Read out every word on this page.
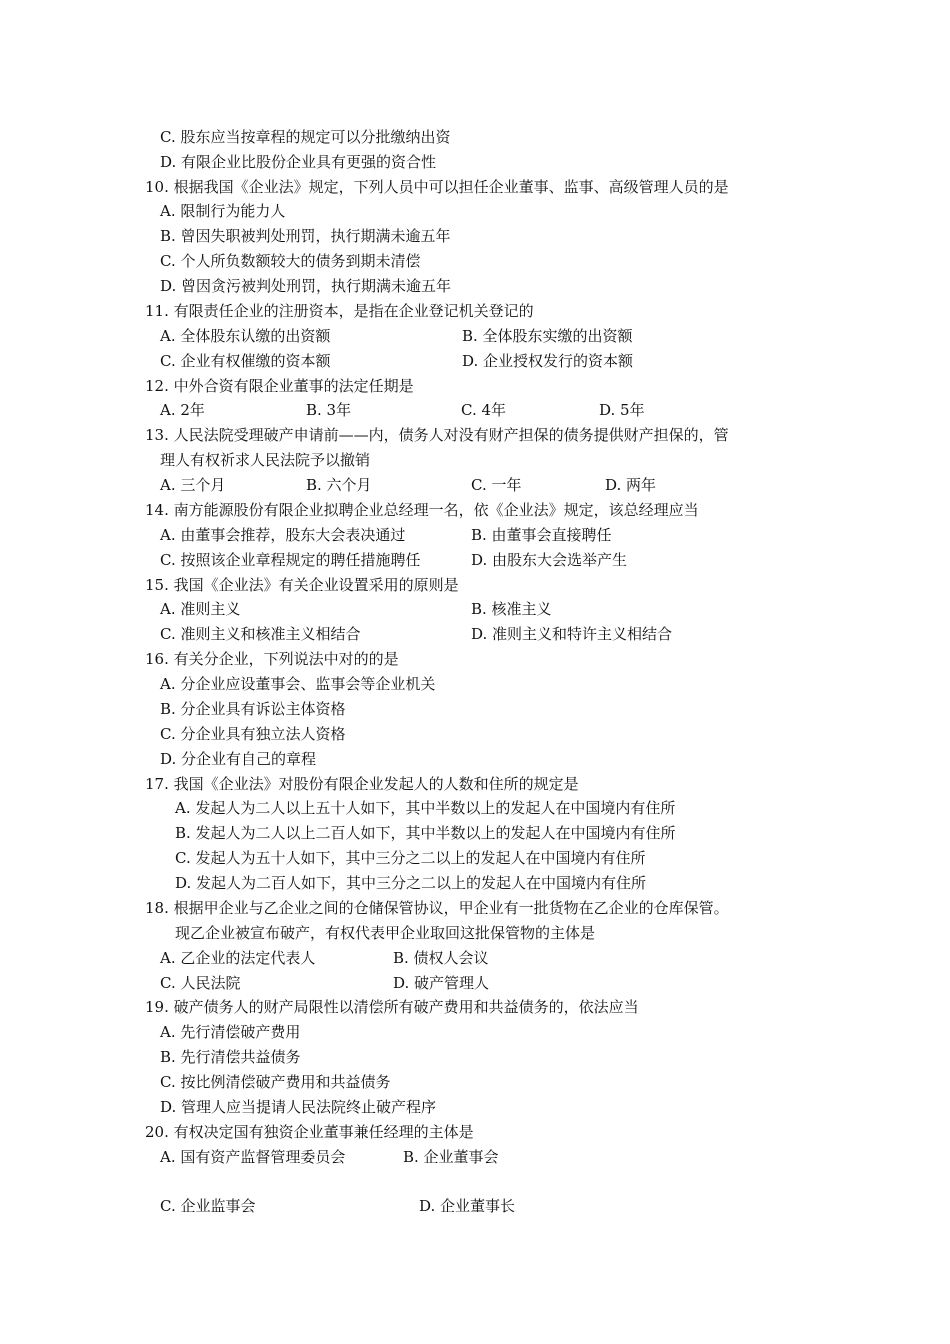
C. 股东应当按章程的规定可以分批缴纳出资
D. 有限企业比股份企业具有更强的资合性
10. 根据我国《企业法》规定，下列人员中可以担任企业董事、监事、高级管理人员的是
A. 限制行为能力人
B. 曾因失职被判处刑罚，执行期满未逾五年
C. 个人所负数额较大的债务到期未清偿
D. 曾因贪污被判处刑罚，执行期满未逾五年
11. 有限责任企业的注册资本，是指在企业登记机关登记的
A. 全体股东认缴的出资额	B. 全体股东实缴的出资额
C. 企业有权催缴的资本额	D. 企业授权发行的资本额
12. 中外合资有限企业董事的法定任期是
A. 2年	B. 3年	C. 4年	D. 5年
13. 人民法院受理破产申请前——内，债务人对没有财产担保的债务提供财产担保的，管
理人有权祈求人民法院予以撤销
A. 三个月	B. 六个月	C. 一年	D. 两年
14. 南方能源股份有限企业拟聘企业总经理一名，依《企业法》规定，该总经理应当
A. 由董事会推荐，股东大会表决通过	B. 由董事会直接聘任
C. 按照该企业章程规定的聘任措施聘任	D. 由股东大会选举产生
15. 我国《企业法》有关企业设置采用的原则是
A. 准则主义	B. 核准主义
C. 准则主义和核准主义相结合	D. 准则主义和特许主义相结合
16. 有关分企业，下列说法中对的的是
A. 分企业应设董事会、监事会等企业机关
B. 分企业具有诉讼主体资格
C. 分企业具有独立法人资格
D. 分企业有自己的章程
17. 我国《企业法》对股份有限企业发起人的人数和住所的规定是
A. 发起人为二人以上五十人如下，其中半数以上的发起人在中国境内有住所
B. 发起人为二人以上二百人如下，其中半数以上的发起人在中国境内有住所
C. 发起人为五十人如下，其中三分之二以上的发起人在中国境内有住所
D. 发起人为二百人如下，其中三分之二以上的发起人在中国境内有住所
18. 根据甲企业与乙企业之间的仓储保管协议，甲企业有一批货物在乙企业的仓库保管。
现乙企业被宣布破产，有权代表甲企业取回这批保管物的主体是
A. 乙企业的法定代表人	B. 债权人会议
C. 人民法院	D. 破产管理人
19. 破产债务人的财产局限性以清偿所有破产费用和共益债务的，依法应当
A. 先行清偿破产费用
B. 先行清偿共益债务
C. 按比例清偿破产费用和共益债务
D. 管理人应当提请人民法院终止破产程序
20. 有权决定国有独资企业董事兼任经理的主体是
A. 国有资产监督管理委员会	B. 企业董事会
C. 企业监事会	D. 企业董事长
